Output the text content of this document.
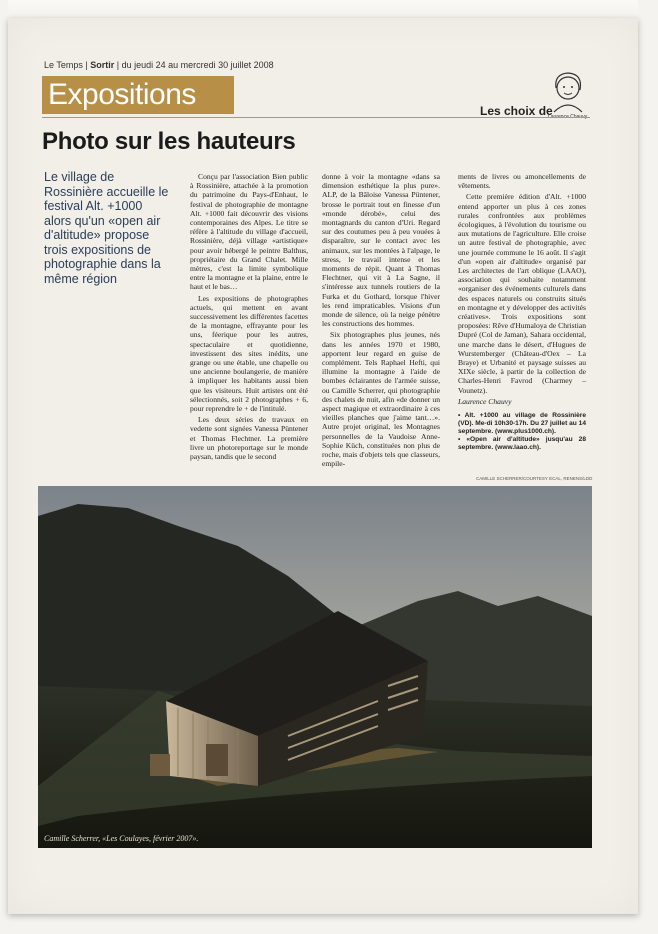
Le Temps | Sortir | du jeudi 24 au mercredi 30 juillet 2008
Expositions	Les choix de
Laurence Chauvy
Photo sur les hauteurs
Le village de Rossinière accueille le festival Alt. +1000 alors qu'un «open air d'altitude» propose trois expositions de photographie dans la même région

Conçu par l'association Bien public à Rossinière, attachée à la promotion du patrimoine du Pays-d'Enhaut, le festival de photographie de montagne Alt. +1000 fait découvrir des visions contemporaines des Alpes. Le titre se réfère à l'altitude du village d'accueil, Rossinière, déjà village «artistique» pour avoir hébergé le peintre Balthus, propriétaire du Grand Chalet. Mille mètres, c'est la limite symbolique entre la montagne et la plaine, entre le haut et le bas…

Les expositions de photographes actuels, qui mettent en avant successivement les différentes facettes de la montagne, effrayante pour les uns, féerique pour les autres, spectaculaire et quotidienne, investissent des sites inédits, une grange ou une étable, une chapelle ou une ancienne boulangerie, de manière à impliquer les habitants aussi bien que les visiteurs. Huit artistes ont été sélectionnés, soit 2 photographes + 6, pour reprendre le + de l'intitulé.

Les deux séries de travaux en vedette sont signées Vanessa Püntener et Thomas Flechtner. La première livre un photoreportage sur le monde paysan, tandis que le second

donne à voir la montagne «dans sa dimension esthétique la plus pure». ALP, de la Bâloise Vanessa Püntener, brosse le portrait tout en finesse d'un «monde dérobé», celui des montagnards du canton d'Uri. Regard sur des coutumes peu à peu vouées à disparaître, sur le contact avec les animaux, sur les montées à l'alpage, le stress, le travail intense et les moments de répit. Quant à Thomas Flechtner, qui vit à La Sagne, il s'intéresse aux tunnels routiers de la Furka et du Gothard, lorsque l'hiver les rend impraticables. Visions d'un monde de silence, où la neige pénètre les constructions des hommes.

Six photographes plus jeunes, nés dans les années 1970 et 1980, apportent leur regard en guise de complément. Tels Raphael Hefti, qui illumine la montagne à l'aide de bombes éclairantes de l'armée suisse, ou Camille Scherrer, qui photographie des chalets de nuit, afin «de donner un aspect magique et extraordinaire à ces vieilles planches que j'aime tant…». Autre projet original, les Montagnes personnelles de la Vaudoise Anne-Sophie Küch, constituées non plus de roche, mais d'objets tels que classeurs, empile-

ments de livres ou amoncellements de vêtements.

Cette première édition d'Alt. +1000 entend apporter un plus à ces zones rurales confrontées aux problèmes écologiques, à l'évolution du tourisme ou aux mutations de l'agriculture. Elle croise un autre festival de photographie, avec une journée commune le 16 août. Il s'agit d'un «open air d'altitude» organisé par Les architectes de l'art oblique (LAAO), association qui souhaite notamment «organiser des événements culturels dans des espaces naturels ou construits situés en montagne et y développer des activités créatives». Trois expositions sont proposées: Rêve d'Humaloya de Christian Dupré (Col de Jaman), Sahara occidental, une marche dans le désert, d'Hugues de Wurstemberger (Château-d'Oex – La Braye) et Urbanité et paysage suisses au XIXe siècle, à partir de la collection de Charles-Henri Favrod (Charmey – Vounetz).

Laurence Chauvy

• Alt. +1000 au village de Rossinière (VD). Me-di 10h30-17h. Du 27 juillet au 14 septembre. (www.plus1000.ch).
• «Open air d'altitude» jusqu'au 28 septembre. (www.laao.ch).
CAMILLE SCHERRER/COURTESY ECAL, RENENS/LDD
Camille Scherrer, «Les Coulayes, février 2007».
